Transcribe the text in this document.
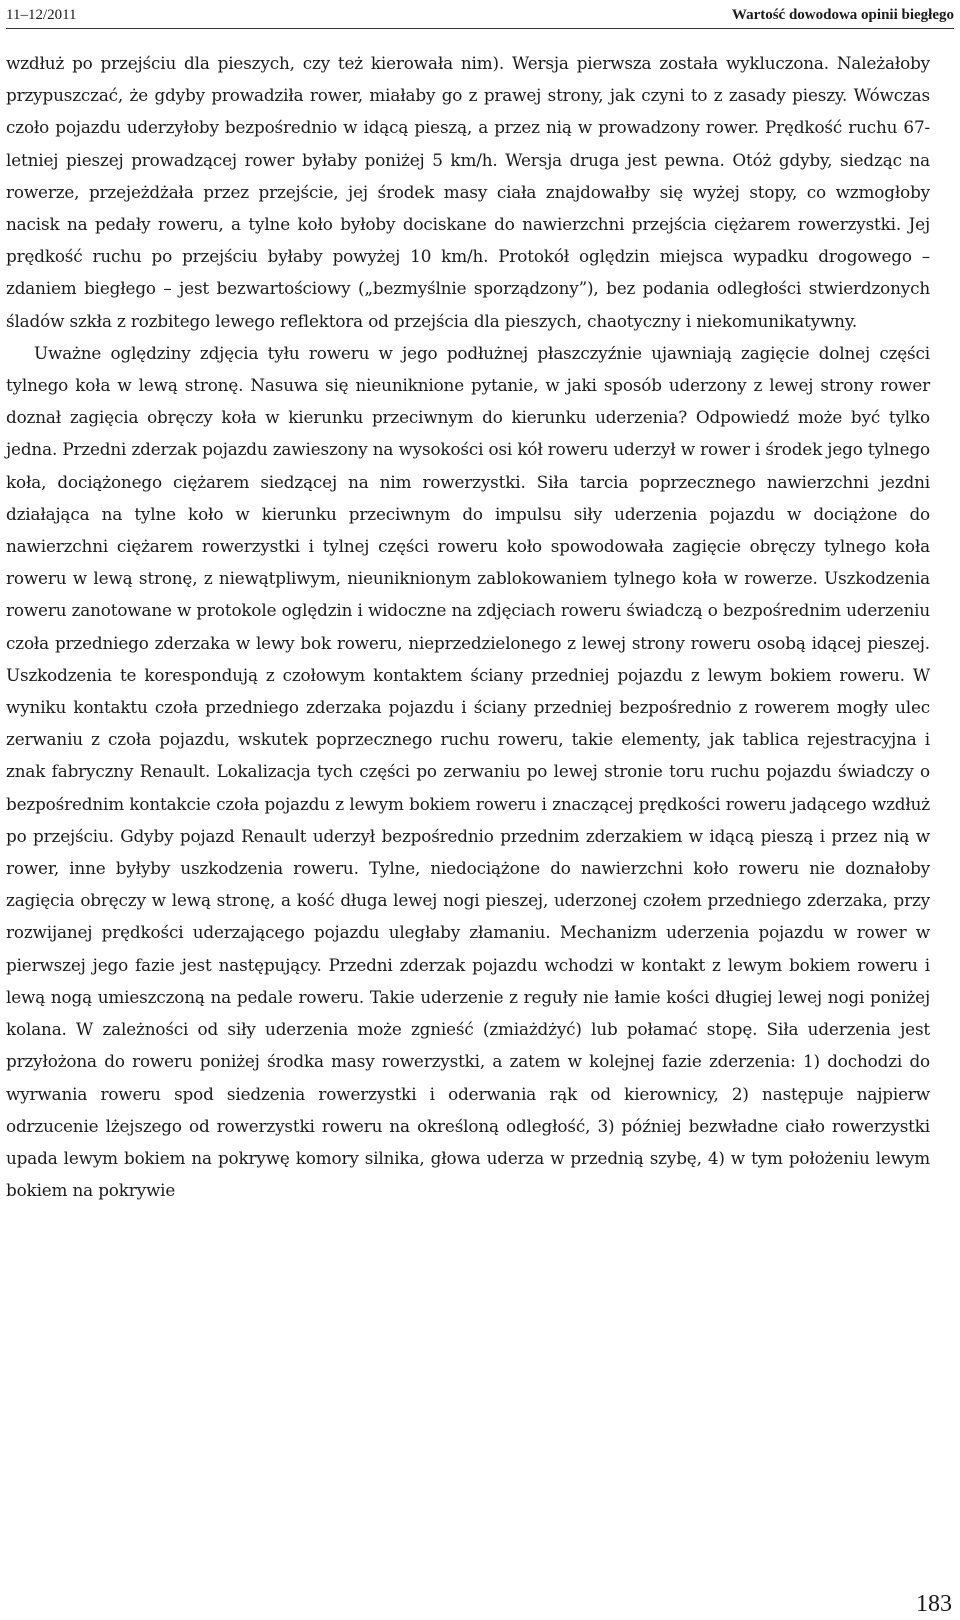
11–12/2011	Wartość dowodowa opinii biegłego

wzdłuż po przejściu dla pieszych, czy też kierowała nim). Wersja pierwsza została wykluczona. Należałoby przypuszczać, że gdyby prowadziła rower, miałaby go z prawej strony, jak czyni to z zasady pieszy. Wówczas czoło pojazdu uderzyłoby bezpośrednio w idącą pieszą, a przez nią w prowadzony rower. Prędkość ruchu 67-letniej pieszej prowadzącej rower byłaby poniżej 5 km/h. Wersja druga jest pewna. Otóż gdyby, siedząc na rowerze, przejeżdżała przez przejście, jej środek masy ciała znajdowałby się wyżej stopy, co wzmogłoby nacisk na pedały roweru, a tylne koło byłoby dociskane do nawierzchni przejścia ciężarem rowerzystki. Jej prędkość ruchu po przejściu byłaby powyżej 10 km/h. Protokół oględzin miejsca wypadku drogowego – zdaniem biegłego – jest bezwartościowy („bezmyślnie sporządzony”), bez podania odległości stwierdzonych śladów szkła z rozbitego lewego reflektora od przejścia dla pieszych, chaotyczny i niekomunikatywny.

Uważne oględziny zdjęcia tyłu roweru w jego podłużnej płaszczyźnie ujawniają zagięcie dolnej części tylnego koła w lewą stronę. Nasuwa się nieuniknione pytanie, w jaki sposób uderzony z lewej strony rower doznał zagięcia obręczy koła w kierunku przeciwnym do kierunku uderzenia? Odpowiedź może być tylko jedna. Przedni zderzak pojazdu zawieszony na wysokości osi kół roweru uderzył w rower i środek jego tylnego koła, dociążonego ciężarem siedzącej na nim rowerzystki. Siła tarcia poprzecznego nawierzchni jezdni działająca na tylne koło w kierunku przeciwnym do impulsu siły uderzenia pojazdu w dociążone do nawierzchni ciężarem rowerzystki i tylnej części roweru koło spowodowała zagięcie obręczy tylnego koła roweru w lewą stronę, z niewątpliwym, nieuniknionym zablokowaniem tylnego koła w rowerze. Uszkodzenia roweru zanotowane w protokole oględzin i widoczne na zdjęciach roweru świadczą o bezpośrednim uderzeniu czoła przedniego zderzaka w lewy bok roweru, nieprzedzielonego z lewej strony roweru osobą idącej pieszej. Uszkodzenia te korespondują z czołowym kontaktem ściany przedniej pojazdu z lewym bokiem roweru. W wyniku kontaktu czoła przedniego zderzaka pojazdu i ściany przedniej bezpośrednio z rowerem mogły ulec zerwaniu z czoła pojazdu, wskutek poprzecznego ruchu roweru, takie elementy, jak tablica rejestracyjna i znak fabryczny Renault. Lokalizacja tych części po zerwaniu po lewej stronie toru ruchu pojazdu świadczy o bezpośrednim kontakcie czoła pojazdu z lewym bokiem roweru i znaczącej prędkości roweru jadącego wzdłuż po przejściu. Gdyby pojazd Renault uderzył bezpośrednio przednim zderzakiem w idącą pieszą i przez nią w rower, inne byłyby uszkodzenia roweru. Tylne, niedociążone do nawierzchni koło roweru nie doznałoby zagięcia obręczy w lewą stronę, a kość długa lewej nogi pieszej, uderzonej czołem przedniego zderzaka, przy rozwijanej prędkości uderzającego pojazdu uległaby złamaniu. Mechanizm uderzenia pojazdu w rower w pierwszej jego fazie jest następujący. Przedni zderzak pojazdu wchodzi w kontakt z lewym bokiem roweru i lewą nogą umieszczoną na pedale roweru. Takie uderzenie z reguły nie łamie kości długiej lewej nogi poniżej kolana. W zależności od siły uderzenia może zgnieść (zmiażdżyć) lub połamać stopę. Siła uderzenia jest przyłożona do roweru poniżej środka masy rowerzystki, a zatem w kolejnej fazie zderzenia: 1) dochodzi do wyrwania roweru spod siedzenia rowerzystki i oderwania rąk od kierownicy, 2) następuje najpierw odrzucenie lżejszego od rowerzystki roweru na określoną odległość, 3) później bezwładne ciało rowerzystki upada lewym bokiem na pokrywę komory silnika, głowa uderza w przednią szybę, 4) w tym położeniu lewym bokiem na pokrywie

183
